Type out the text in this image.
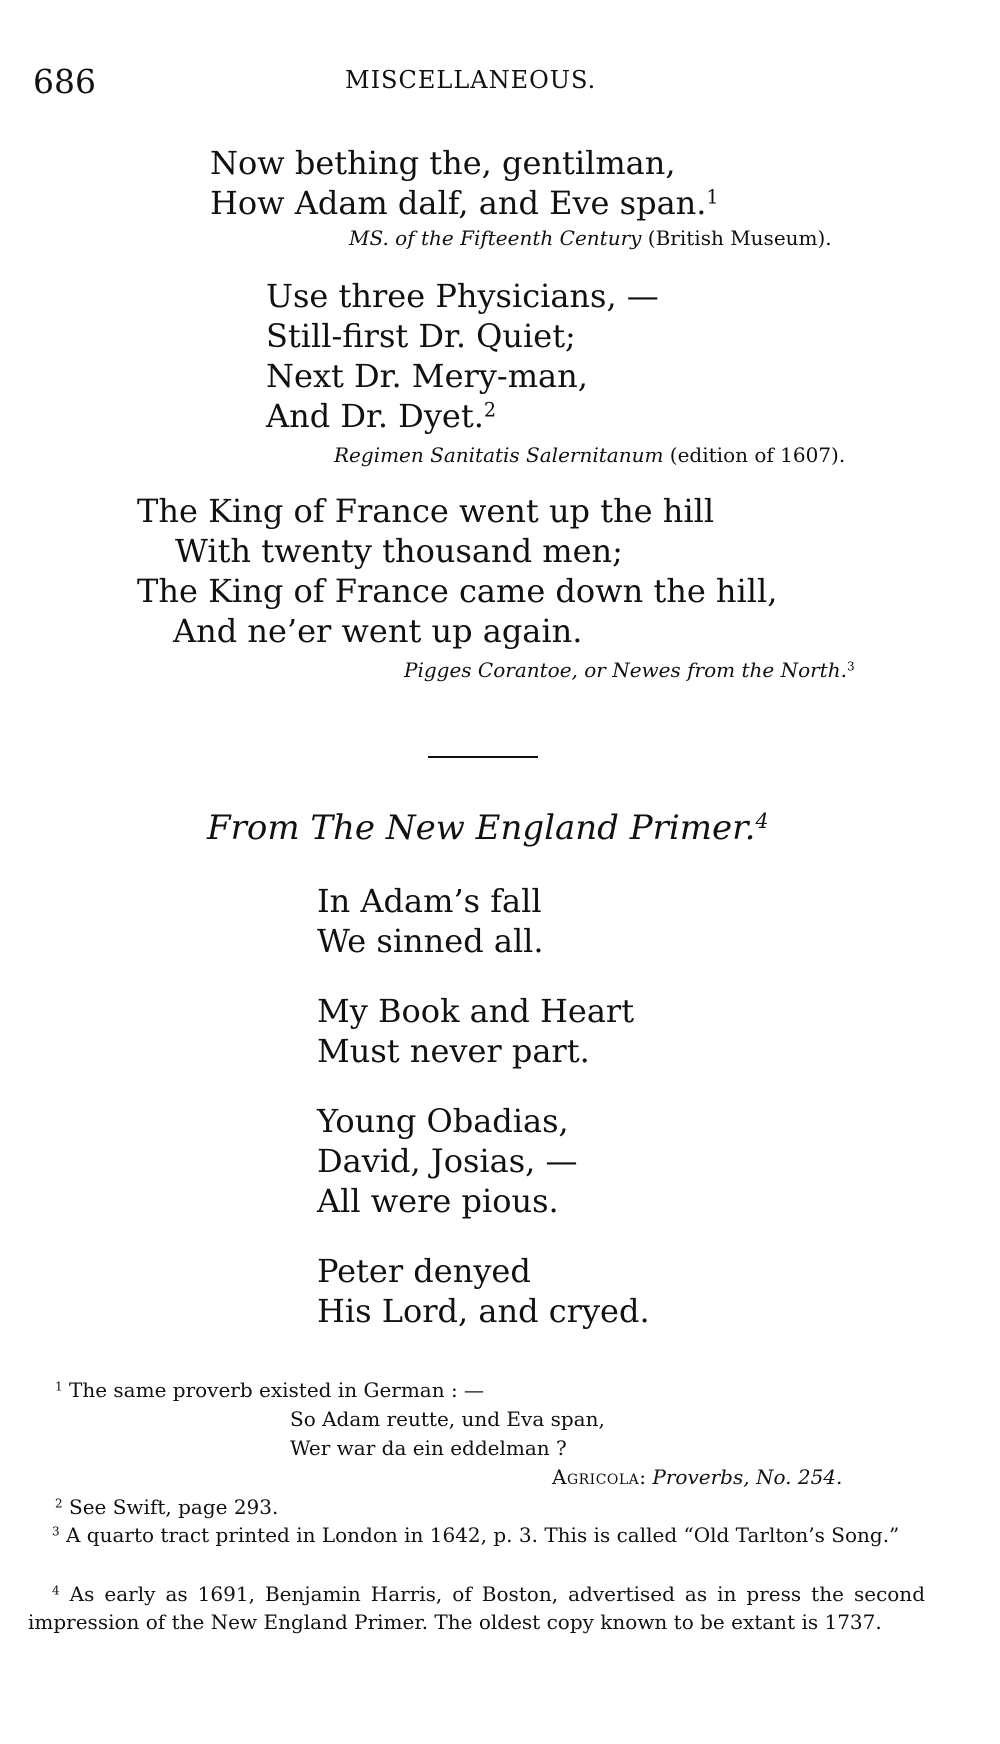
686	MISCELLANEOUS.
Now bething the, gentilman,
How Adam dalf, and Eve span.$^1$
MS. of the Fifteenth Century (British Museum).
Use three Physicians, —
Still-first Dr. Quiet;
Next Dr. Mery-man,
And Dr. Dyet.$^2$
Regimen Sanitatis Salernitanum (edition of 1607).
The King of France went up the hill
With twenty thousand men;
The King of France came down the hill,
And ne’er went up again.
Pigges Corantoe, or Newes from the North.$^3$
From The New England Primer.$^4$
In Adam’s fall
We sinned all.
My Book and Heart
Must never part.
Young Obadias,
David, Josias, —
All were pious.
Peter denyed
His Lord, and cryed.
$^1$ The same proverb existed in German : —
So Adam reutte, und Eva span,
Wer war da ein eddelman ?
Agricola: Proverbs, No. 254.
$^2$ See Swift, page 293.
$^3$ A quarto tract printed in London in 1642, p. 3. This is called “Old Tarlton’s Song.”
$^4$ As early as 1691, Benjamin Harris, of Boston, advertised as in press the second impression of the New England Primer. The oldest copy known to be extant is 1737.
